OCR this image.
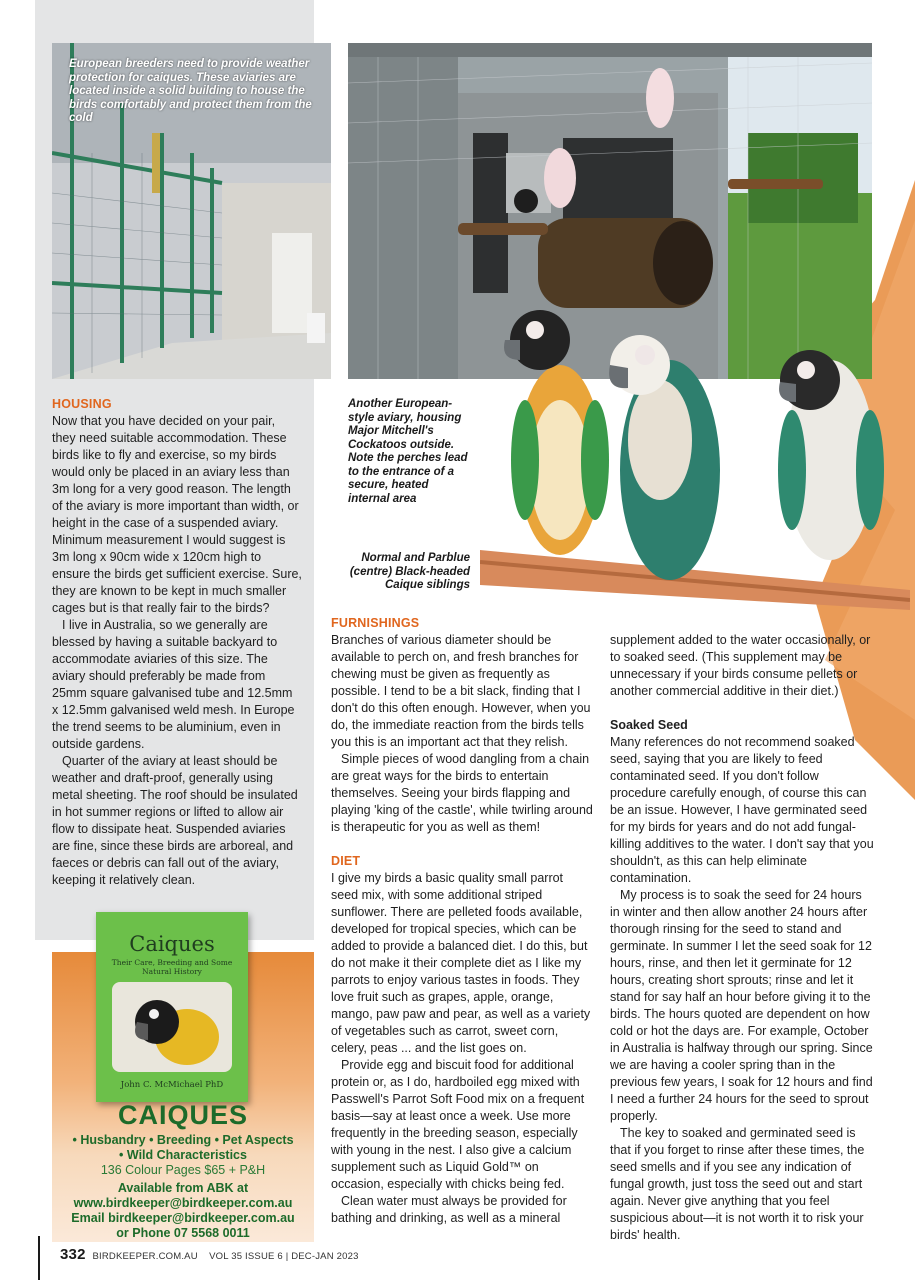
European breeders need to provide weather protection for caiques. These aviaries are located inside a solid building to house the birds comfortably and protect them from the cold
Another European-style aviary, housing Major Mitchell's Cockatoos outside. Note the perches lead to the entrance of a secure, heated internal area
Normal and Parblue (centre) Black-headed Caique siblings
HOUSING

Now that you have decided on your pair, they need suitable accommodation. These birds like to fly and exercise, so my birds would only be placed in an aviary less than 3m long for a very good reason. The length of the aviary is more important than width, or height in the case of a suspended aviary. Minimum measurement I would suggest is 3m long x 90cm wide x 120cm high to ensure the birds get sufficient exercise. Sure, they are known to be kept in much smaller cages but is that really fair to the birds?

I live in Australia, so we generally are blessed by having a suitable backyard to accommodate aviaries of this size. The aviary should preferably be made from 25mm square galvanised tube and 12.5mm x 12.5mm galvanised weld mesh. In Europe the trend seems to be aluminium, even in outside gardens.

Quarter of the aviary at least should be weather and draft-proof, generally using metal sheeting. The roof should be insulated in hot summer regions or lifted to allow air flow to dissipate heat. Suspended aviaries are fine, since these birds are arboreal, and faeces or debris can fall out of the aviary, keeping it relatively clean.

FURNISHINGS

Branches of various diameter should be available to perch on, and fresh branches for chewing must be given as frequently as possible. I tend to be a bit slack, finding that I don't do this often enough. However, when you do, the immediate reaction from the birds tells you this is an important act that they relish.

Simple pieces of wood dangling from a chain are great ways for the birds to entertain themselves. Seeing your birds flapping and playing 'king of the castle', while twirling around is therapeutic for you as well as them!

DIET

I give my birds a basic quality small parrot seed mix, with some additional striped sunflower. There are pelleted foods available, developed for tropical species, which can be added to provide a balanced diet. I do this, but do not make it their complete diet as I like my parrots to enjoy various tastes in foods. They love fruit such as grapes, apple, orange, mango, paw paw and pear, as well as a variety of vegetables such as carrot, sweet corn, celery, peas ... and the list goes on.

Provide egg and biscuit food for additional protein or, as I do, hardboiled egg mixed with Passwell's Parrot Soft Food mix on a frequent basis—say at least once a week. Use more frequently in the breeding season, especially with young in the nest. I also give a calcium supplement such as Liquid Gold™ on occasion, especially with chicks being fed.

Clean water must always be provided for bathing and drinking, as well as a mineral

supplement added to the water occasionally, or to soaked seed. (This supplement may be unnecessary if your birds consume pellets or another commercial additive in their diet.)

Soaked Seed

Many references do not recommend soaked seed, saying that you are likely to feed contaminated seed. If you don't follow procedure carefully enough, of course this can be an issue. However, I have germinated seed for my birds for years and do not add fungal-killing additives to the water. I don't say that you shouldn't, as this can help eliminate contamination.

My process is to soak the seed for 24 hours in winter and then allow another 24 hours after thorough rinsing for the seed to stand and germinate. In summer I let the seed soak for 12 hours, rinse, and then let it germinate for 12 hours, creating short sprouts; rinse and let it stand for say half an hour before giving it to the birds. The hours quoted are dependent on how cold or hot the days are. For example, October in Australia is halfway through our spring. Since we are having a cooler spring than in the previous few years, I soak for 12 hours and find I need a further 24 hours for the seed to sprout properly.

The key to soaked and germinated seed is that if you forget to rinse after these times, the seed smells and if you see any indication of fungal growth, just toss the seed out and start again. Never give anything that you feel suspicious about—it is not worth it to risk your birds' health.

Caiques
Their Care, Breeding and Some Natural History
John C. McMichael PhD
CAIQUES
• Husbandry • Breeding • Pet Aspects
• Wild Characteristics
136 Colour Pages $65 + P&H
Available from ABK at
www.birdkeeper@birdkeeper.com.au
Email birdkeeper@birdkeeper.com.au
or Phone 07 5568 0011
332 BIRDKEEPER.COM.AU VOL 35 ISSUE 6 | DEC-JAN 2023
